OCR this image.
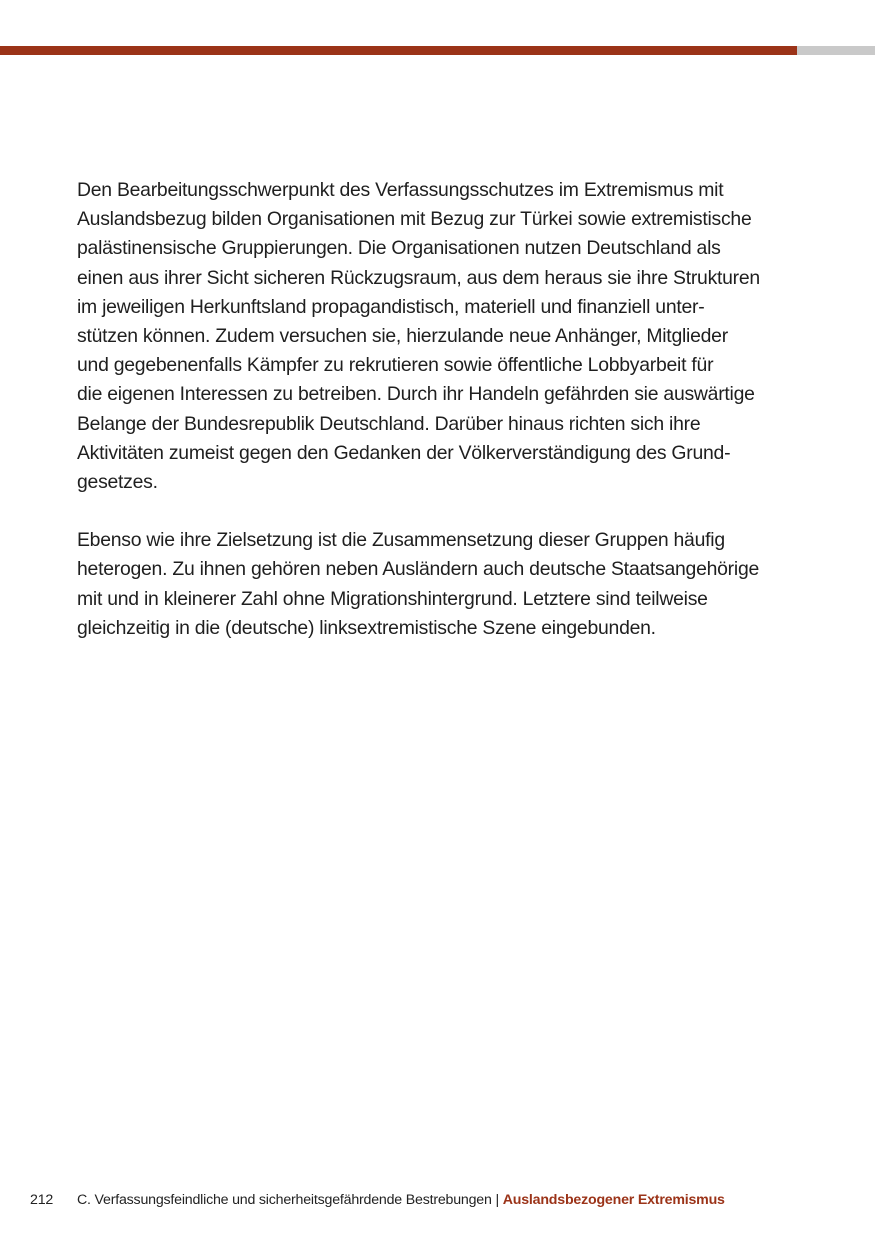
Den Bearbeitungsschwerpunkt des Verfassungsschutzes im Extremismus mit
Auslandsbezug bilden Organisationen mit Bezug zur Türkei sowie extremistische
palästinensische Gruppierungen. Die Organisationen nutzen Deutschland als
einen aus ihrer Sicht sicheren Rückzugsraum, aus dem heraus sie ihre Strukturen
im jeweiligen Herkunftsland propagandistisch, materiell und finanziell unter-
stützen können. Zudem versuchen sie, hierzulande neue Anhänger, Mitglieder
und gegebenenfalls Kämpfer zu rekrutieren sowie öffentliche Lobbyarbeit für
die eigenen Interessen zu betreiben. Durch ihr Handeln gefährden sie auswärtige
Belange der Bundesrepublik Deutschland. Darüber hinaus richten sich ihre
Aktivitäten zumeist gegen den Gedanken der Völkerverständigung des Grund-
gesetzes.

Ebenso wie ihre Zielsetzung ist die Zusammensetzung dieser Gruppen häufig
heterogen. Zu ihnen gehören neben Ausländern auch deutsche Staatsangehörige
mit und in kleinerer Zahl ohne Migrationshintergrund. Letztere sind teilweise
gleichzeitig in die (deutsche) linksextremistische Szene eingebunden.

212 C. Verfassungsfeindliche und sicherheitsgefährdende Bestrebungen | Auslandsbezogener Extremismus
